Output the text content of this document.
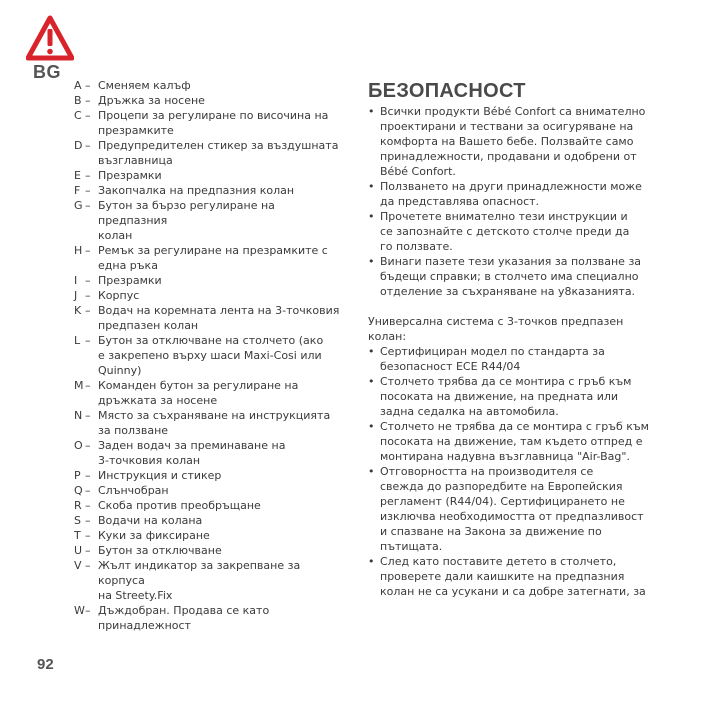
BG
A – Сменяем калъф
B – Дръжка за носене
C – Процепи за регулиране по височина на
презрамките
D – Предупредителен стикер за въздушната
възглавница
E – Презрамки
F – Закопчалка на предпазния колан
G – Бутон за бързо регулиране на предпазния
колан
H – Ремък за регулиране на презрамките с
една ръка
I – Презрамки
J – Корпус
K – Водач на коремната лента на 3-точковия
предпазен колан
L – Бутон за отключване на столчето (ако
е закрепено върху шаси Maxi-Cosi или
Quinny)
M – Команден бутон за регулиране на
дръжката за носене
N – Място за съхраняване на инструкцията
за ползване
O – Заден водач за преминаване на
3-точковия колан
P – Инструкция и стикер
Q – Слънчобран
R – Скоба против преобръщане
S – Водачи на колана
T – Куки за фиксиране
U – Бутон за отключване
V – Жълт индикатор за закрепване за корпуса
на Streety.Fix
W – Дъждобран. Продава се като принадлежност
БЕЗОПАСНОСТ
• Всички продукти Bébé Confort са внимателно
проектирани и тествани за осигуряване на
комфорта на Вашето бебе. Ползвайте само
принадлежности, продавани и одобрени от
Bébé Confort.
• Ползването на други принадлежности може
да представлява опасност.
• Прочетете внимателно тези инструкции и
се запознайте с детското столче преди да
го ползвате.
• Винаги пазете тези указания за ползване за
бъдещи справки; в столчето има специално
отделение за съхраняване на у8казанията.
Универсална система с 3-точков предпазен
колан:
• Сертифициран модел по стандарта за
безопасност ECE R44/04
• Столчето трябва да се монтира с гръб към
посоката на движение, на предната или
задна седалка на автомобила.
• Столчето не трябва да се монтира с гръб към
посоката на движение, там където отпред е
монтирана надувна възглавница "Air-Bag".
• Отговорността на производителя се
свежда до разпоредбите на Европейския
регламент (R44/04). Сертифицирането не
изключва необходимостта от предпазливост
и спазване на Закона за движение по
пътищата.
• След като поставите детето в столчето,
проверете дали каишките на предпазния
колан не са усукани и са добре затегнати, за
92
